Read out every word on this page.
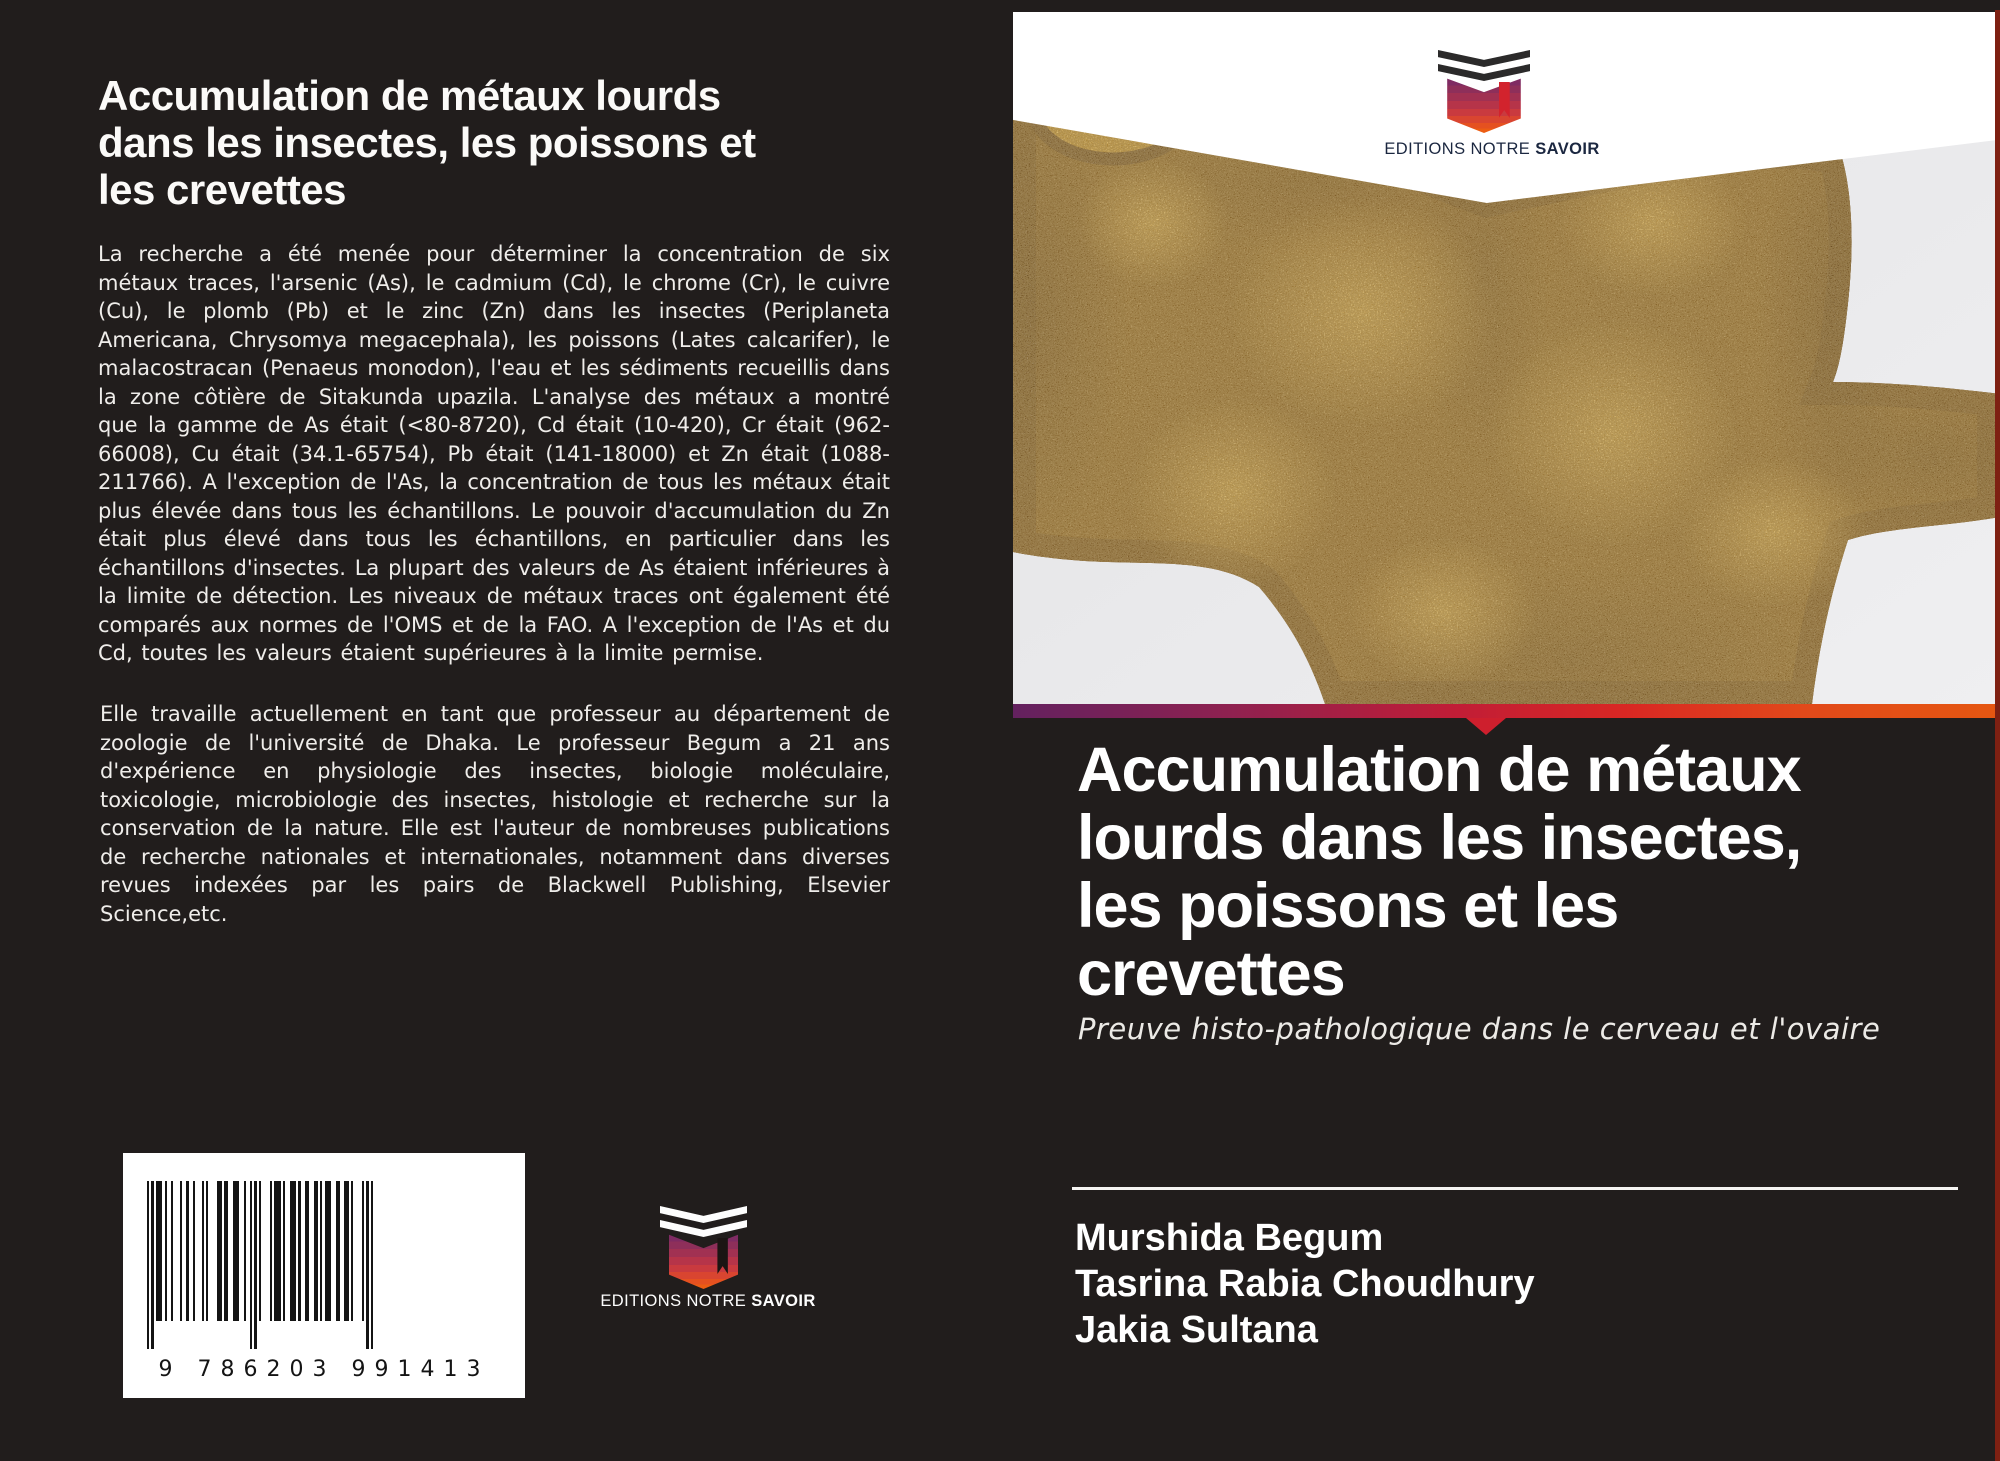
Accumulation de métaux lourds
dans les insectes, les poissons et
les crevettes
La recherche a été menée pour déterminer la concentration de six métaux traces, l'arsenic (As), le cadmium (Cd), le chrome (Cr), le cuivre (Cu), le plomb (Pb) et le zinc (Zn) dans les insectes (Periplaneta Americana, Chrysomya megacephala), les poissons (Lates calcarifer), le malacostracan (Penaeus monodon), l'eau et les sédiments recueillis dans la zone côtière de Sitakunda upazila. L'analyse des métaux a montré que la gamme de As était (<80-8720), Cd était (10-420), Cr était (962-66008), Cu était (34.1-65754), Pb était (141-18000) et Zn était (1088-211766). A l'exception de l'As, la concentration de tous les métaux était plus élevée dans tous les échantillons. Le pouvoir d'accumulation du Zn était plus élevé dans tous les échantillons, en particulier dans les échantillons d'insectes. La plupart des valeurs de As étaient inférieures à la limite de détection. Les niveaux de métaux traces ont également été comparés aux normes de l'OMS et de la FAO. A l'exception de l'As et du Cd, toutes les valeurs étaient supérieures à la limite permise.
Elle travaille actuellement en tant que professeur au département de zoologie de l'université de Dhaka. Le professeur Begum a 21 ans d'expérience en physiologie des insectes, biologie moléculaire, toxicologie, microbiologie des insectes, histologie et recherche sur la conservation de la nature. Elle est l'auteur de nombreuses publications de recherche nationales et internationales, notamment dans diverses revues indexées par les pairs de Blackwell Publishing, Elsevier Science,etc.
9 786203 991413
EDITIONS NOTRE SAVOIR
EDITIONS NOTRE SAVOIR
Accumulation de métaux
lourds dans les insectes,
les poissons et les
crevettes
Preuve histo-pathologique dans le cerveau et l'ovaire
Murshida Begum
Tasrina Rabia Choudhury
Jakia Sultana
